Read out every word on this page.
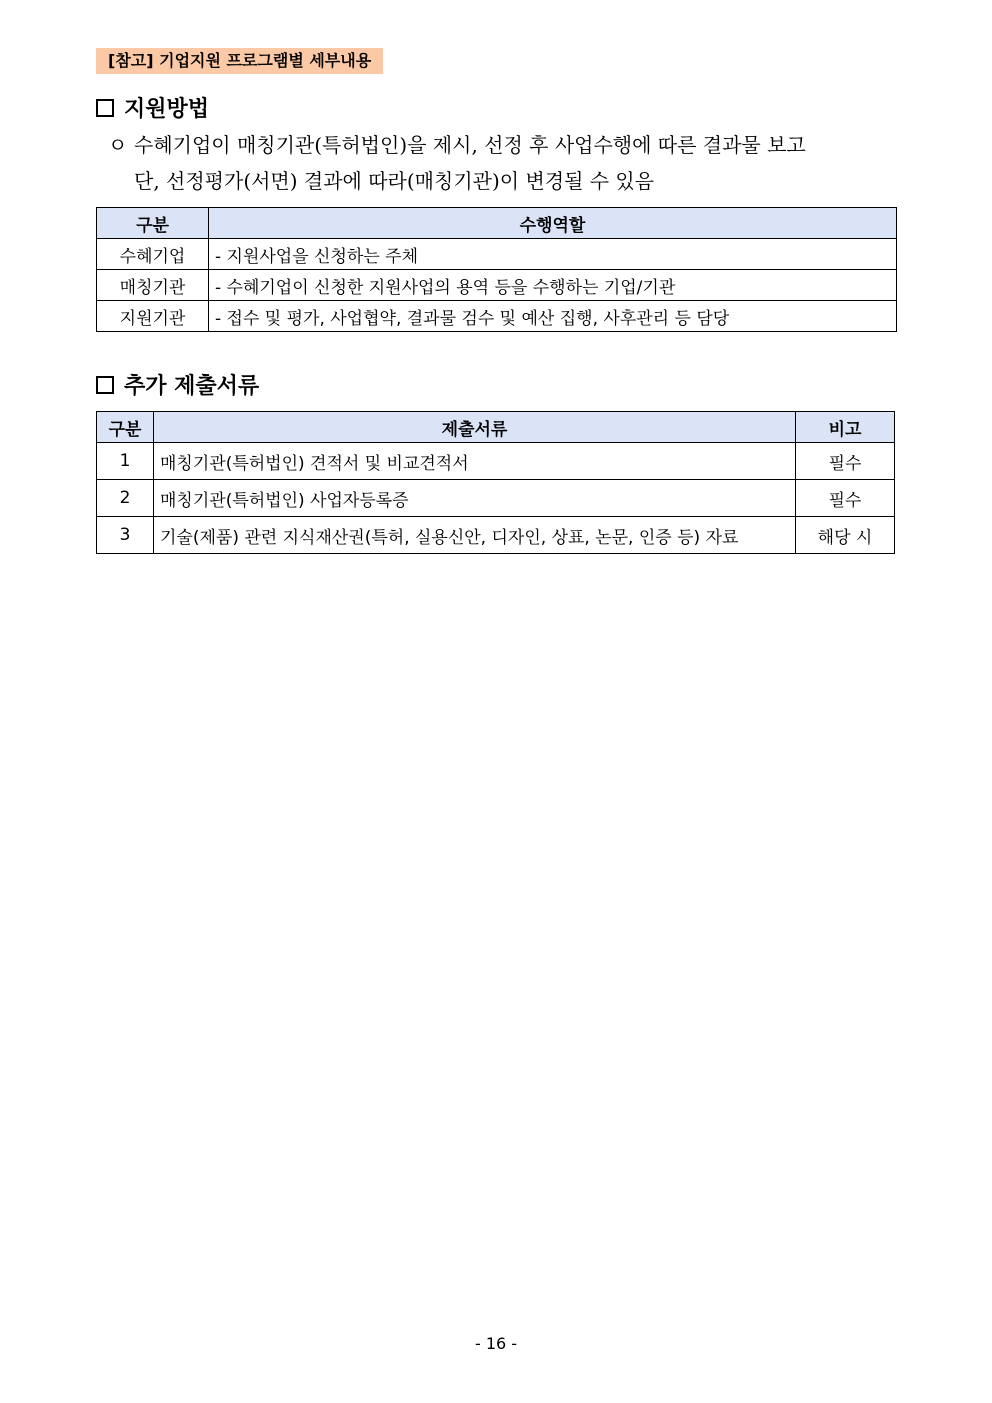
[참고] 기업지원 프로그램별 세부내용
지원방법
ㅇ 수혜기업이 매칭기관(특허법인)을 제시, 선정 후 사업수행에 따른 결과물 보고
단, 선정평가(서면) 결과에 따라(매칭기관)이 변경될 수 있음
구분	수행역할
수혜기업	- 지원사업을 신청하는 주체
매칭기관	- 수혜기업이 신청한 지원사업의 용역 등을 수행하는 기업/기관
지원기관	- 접수 및 평가, 사업협약, 결과물 검수 및 예산 집행, 사후관리 등 담당
추가 제출서류
구분	제출서류	비고
1	매칭기관(특허법인) 견적서 및 비교견적서	필수
2	매칭기관(특허법인) 사업자등록증	필수
3	기술(제품) 관련 지식재산권(특허, 실용신안, 디자인, 상표, 논문, 인증 등) 자료	해당 시
- 16 -
